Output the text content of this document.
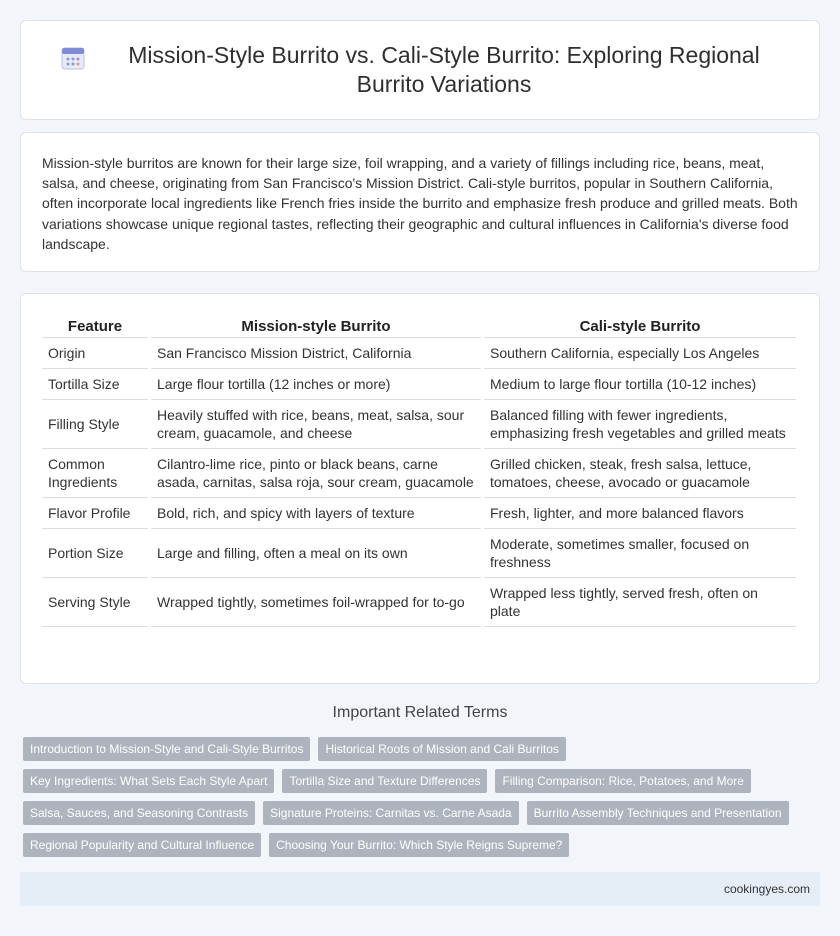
Mission-Style Burrito vs. Cali-Style Burrito: Exploring Regional Burrito Variations

Mission-style burritos are known for their large size, foil wrapping, and a variety of fillings including rice, beans, meat, salsa, and cheese, originating from San Francisco's Mission District. Cali-style burritos, popular in Southern California, often incorporate local ingredients like French fries inside the burrito and emphasize fresh produce and grilled meats. Both variations showcase unique regional tastes, reflecting their geographic and cultural influences in California's diverse food landscape.

Feature	Mission-style Burrito	Cali-style Burrito
Origin	San Francisco Mission District, California	Southern California, especially Los Angeles
Tortilla Size	Large flour tortilla (12 inches or more)	Medium to large flour tortilla (10-12 inches)
Filling Style	Heavily stuffed with rice, beans, meat, salsa, sour cream, guacamole, and cheese	Balanced filling with fewer ingredients, emphasizing fresh vegetables and grilled meats
Common Ingredients	Cilantro-lime rice, pinto or black beans, carne asada, carnitas, salsa roja, sour cream, guacamole	Grilled chicken, steak, fresh salsa, lettuce, tomatoes, cheese, avocado or guacamole
Flavor Profile	Bold, rich, and spicy with layers of texture	Fresh, lighter, and more balanced flavors
Portion Size	Large and filling, often a meal on its own	Moderate, sometimes smaller, focused on freshness
Serving Style	Wrapped tightly, sometimes foil-wrapped for to-go	Wrapped less tightly, served fresh, often on plate
Important Related Terms
Introduction to Mission-Style and Cali-Style Burritos	Historical Roots of Mission and Cali Burritos
Key Ingredients: What Sets Each Style Apart	Tortilla Size and Texture Differences	Filling Comparison: Rice, Potatoes, and More
Salsa, Sauces, and Seasoning Contrasts	Signature Proteins: Carnitas vs. Carne Asada	Burrito Assembly Techniques and Presentation
Regional Popularity and Cultural Influence	Choosing Your Burrito: Which Style Reigns Supreme?
cookingyes.com
